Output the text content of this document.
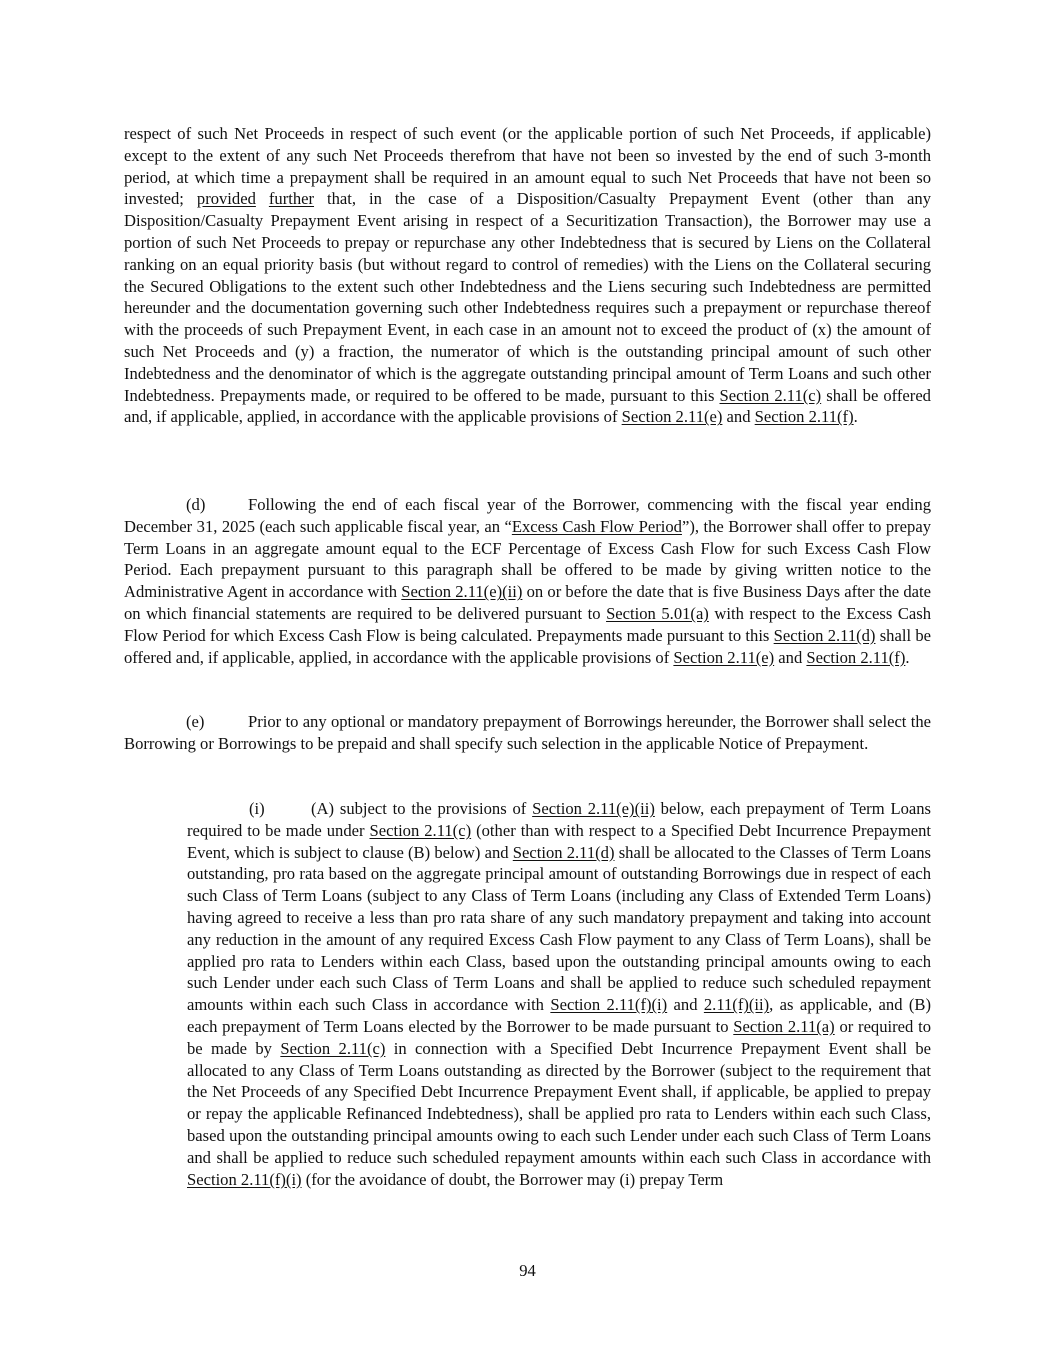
respect of such Net Proceeds in respect of such event (or the applicable portion of such Net Proceeds, if applicable) except to the extent of any such Net Proceeds therefrom that have not been so invested by the end of such 3-month period, at which time a prepayment shall be required in an amount equal to such Net Proceeds that have not been so invested; provided further that, in the case of a Disposition/Casualty Prepayment Event (other than any Disposition/Casualty Prepayment Event arising in respect of a Securitization Transaction), the Borrower may use a portion of such Net Proceeds to prepay or repurchase any other Indebtedness that is secured by Liens on the Collateral ranking on an equal priority basis (but without regard to control of remedies) with the Liens on the Collateral securing the Secured Obligations to the extent such other Indebtedness and the Liens securing such Indebtedness are permitted hereunder and the documentation governing such other Indebtedness requires such a prepayment or repurchase thereof with the proceeds of such Prepayment Event, in each case in an amount not to exceed the product of (x) the amount of such Net Proceeds and (y) a fraction, the numerator of which is the outstanding principal amount of such other Indebtedness and the denominator of which is the aggregate outstanding principal amount of Term Loans and such other Indebtedness. Prepayments made, or required to be offered to be made, pursuant to this Section 2.11(c) shall be offered and, if applicable, applied, in accordance with the applicable provisions of Section 2.11(e) and Section 2.11(f).

(d)	Following the end of each fiscal year of the Borrower, commencing with the fiscal year ending December 31, 2025 (each such applicable fiscal year, an “Excess Cash Flow Period”), the Borrower shall offer to prepay Term Loans in an aggregate amount equal to the ECF Percentage of Excess Cash Flow for such Excess Cash Flow Period. Each prepayment pursuant to this paragraph shall be offered to be made by giving written notice to the Administrative Agent in accordance with Section 2.11(e)(ii) on or before the date that is five Business Days after the date on which financial statements are required to be delivered pursuant to Section 5.01(a) with respect to the Excess Cash Flow Period for which Excess Cash Flow is being calculated. Prepayments made pursuant to this Section 2.11(d) shall be offered and, if applicable, applied, in accordance with the applicable provisions of Section 2.11(e) and Section 2.11(f).

(e)	Prior to any optional or mandatory prepayment of Borrowings hereunder, the Borrower shall select the Borrowing or Borrowings to be prepaid and shall specify such selection in the applicable Notice of Prepayment.

(i)	(A) subject to the provisions of Section 2.11(e)(ii) below, each prepayment of Term Loans required to be made under Section 2.11(c) (other than with respect to a Specified Debt Incurrence Prepayment Event, which is subject to clause (B) below) and Section 2.11(d) shall be allocated to the Classes of Term Loans outstanding, pro rata based on the aggregate principal amount of outstanding Borrowings due in respect of each such Class of Term Loans (subject to any Class of Term Loans (including any Class of Extended Term Loans) having agreed to receive a less than pro rata share of any such mandatory prepayment and taking into account any reduction in the amount of any required Excess Cash Flow payment to any Class of Term Loans), shall be applied pro rata to Lenders within each Class, based upon the outstanding principal amounts owing to each such Lender under each such Class of Term Loans and shall be applied to reduce such scheduled repayment amounts within each such Class in accordance with Section 2.11(f)(i) and 2.11(f)(ii), as applicable, and (B) each prepayment of Term Loans elected by the Borrower to be made pursuant to Section 2.11(a) or required to be made by Section 2.11(c) in connection with a Specified Debt Incurrence Prepayment Event shall be allocated to any Class of Term Loans outstanding as directed by the Borrower (subject to the requirement that the Net Proceeds of any Specified Debt Incurrence Prepayment Event shall, if applicable, be applied to prepay or repay the applicable Refinanced Indebtedness), shall be applied pro rata to Lenders within each such Class, based upon the outstanding principal amounts owing to each such Lender under each such Class of Term Loans and shall be applied to reduce such scheduled repayment amounts within each such Class in accordance with Section 2.11(f)(i) (for the avoidance of doubt, the Borrower may (i) prepay Term

94
